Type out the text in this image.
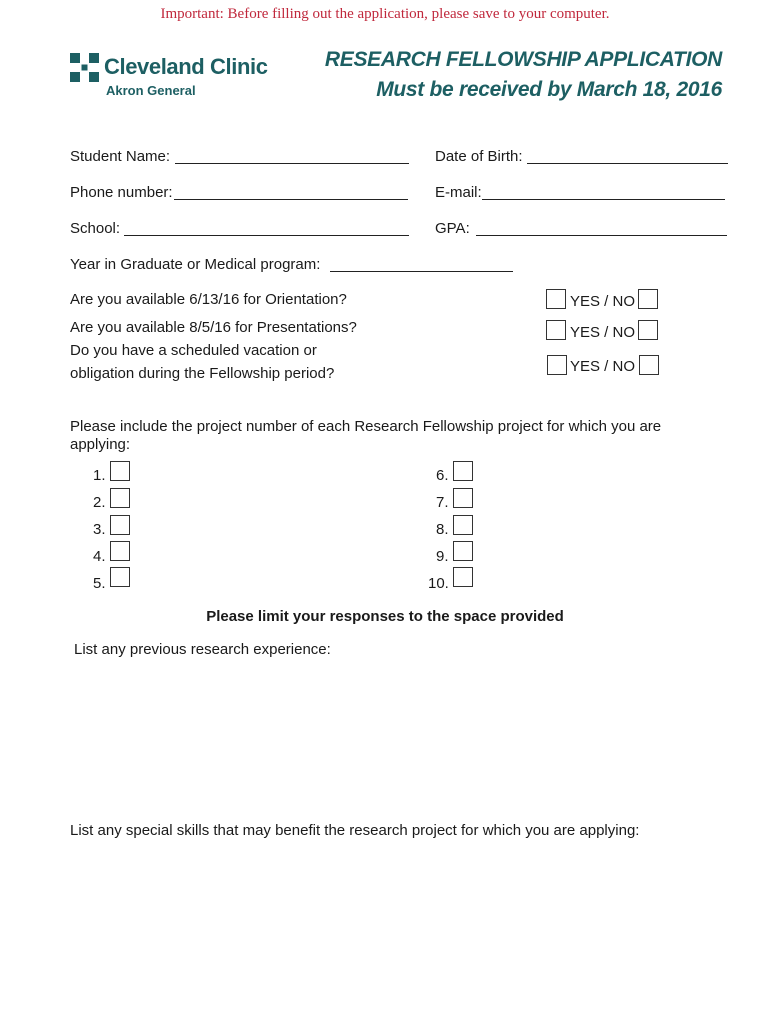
Important: Before filling out the application, please save to your computer.
Cleveland Clinic
Akron General
RESEARCH FELLOWSHIP APPLICATION
Must be received by March 18, 2016
Student Name:	Date of Birth:
Phone number:	E-mail:
School:	GPA:
Year in Graduate or Medical program:
Are you available 6/13/16 for Orientation?	YES / NO
Are you available 8/5/16 for Presentations?	YES / NO
Do you have a scheduled vacation or
obligation during the Fellowship period?	YES / NO
Please include the project number of each Research Fellowship project for which you are
applying:
1.
2.
3.
4.
5.
6.
7.
8.
9.
10.
Please limit your responses to the space provided
List any previous research experience:
List any special skills that may benefit the research project for which you are applying:
